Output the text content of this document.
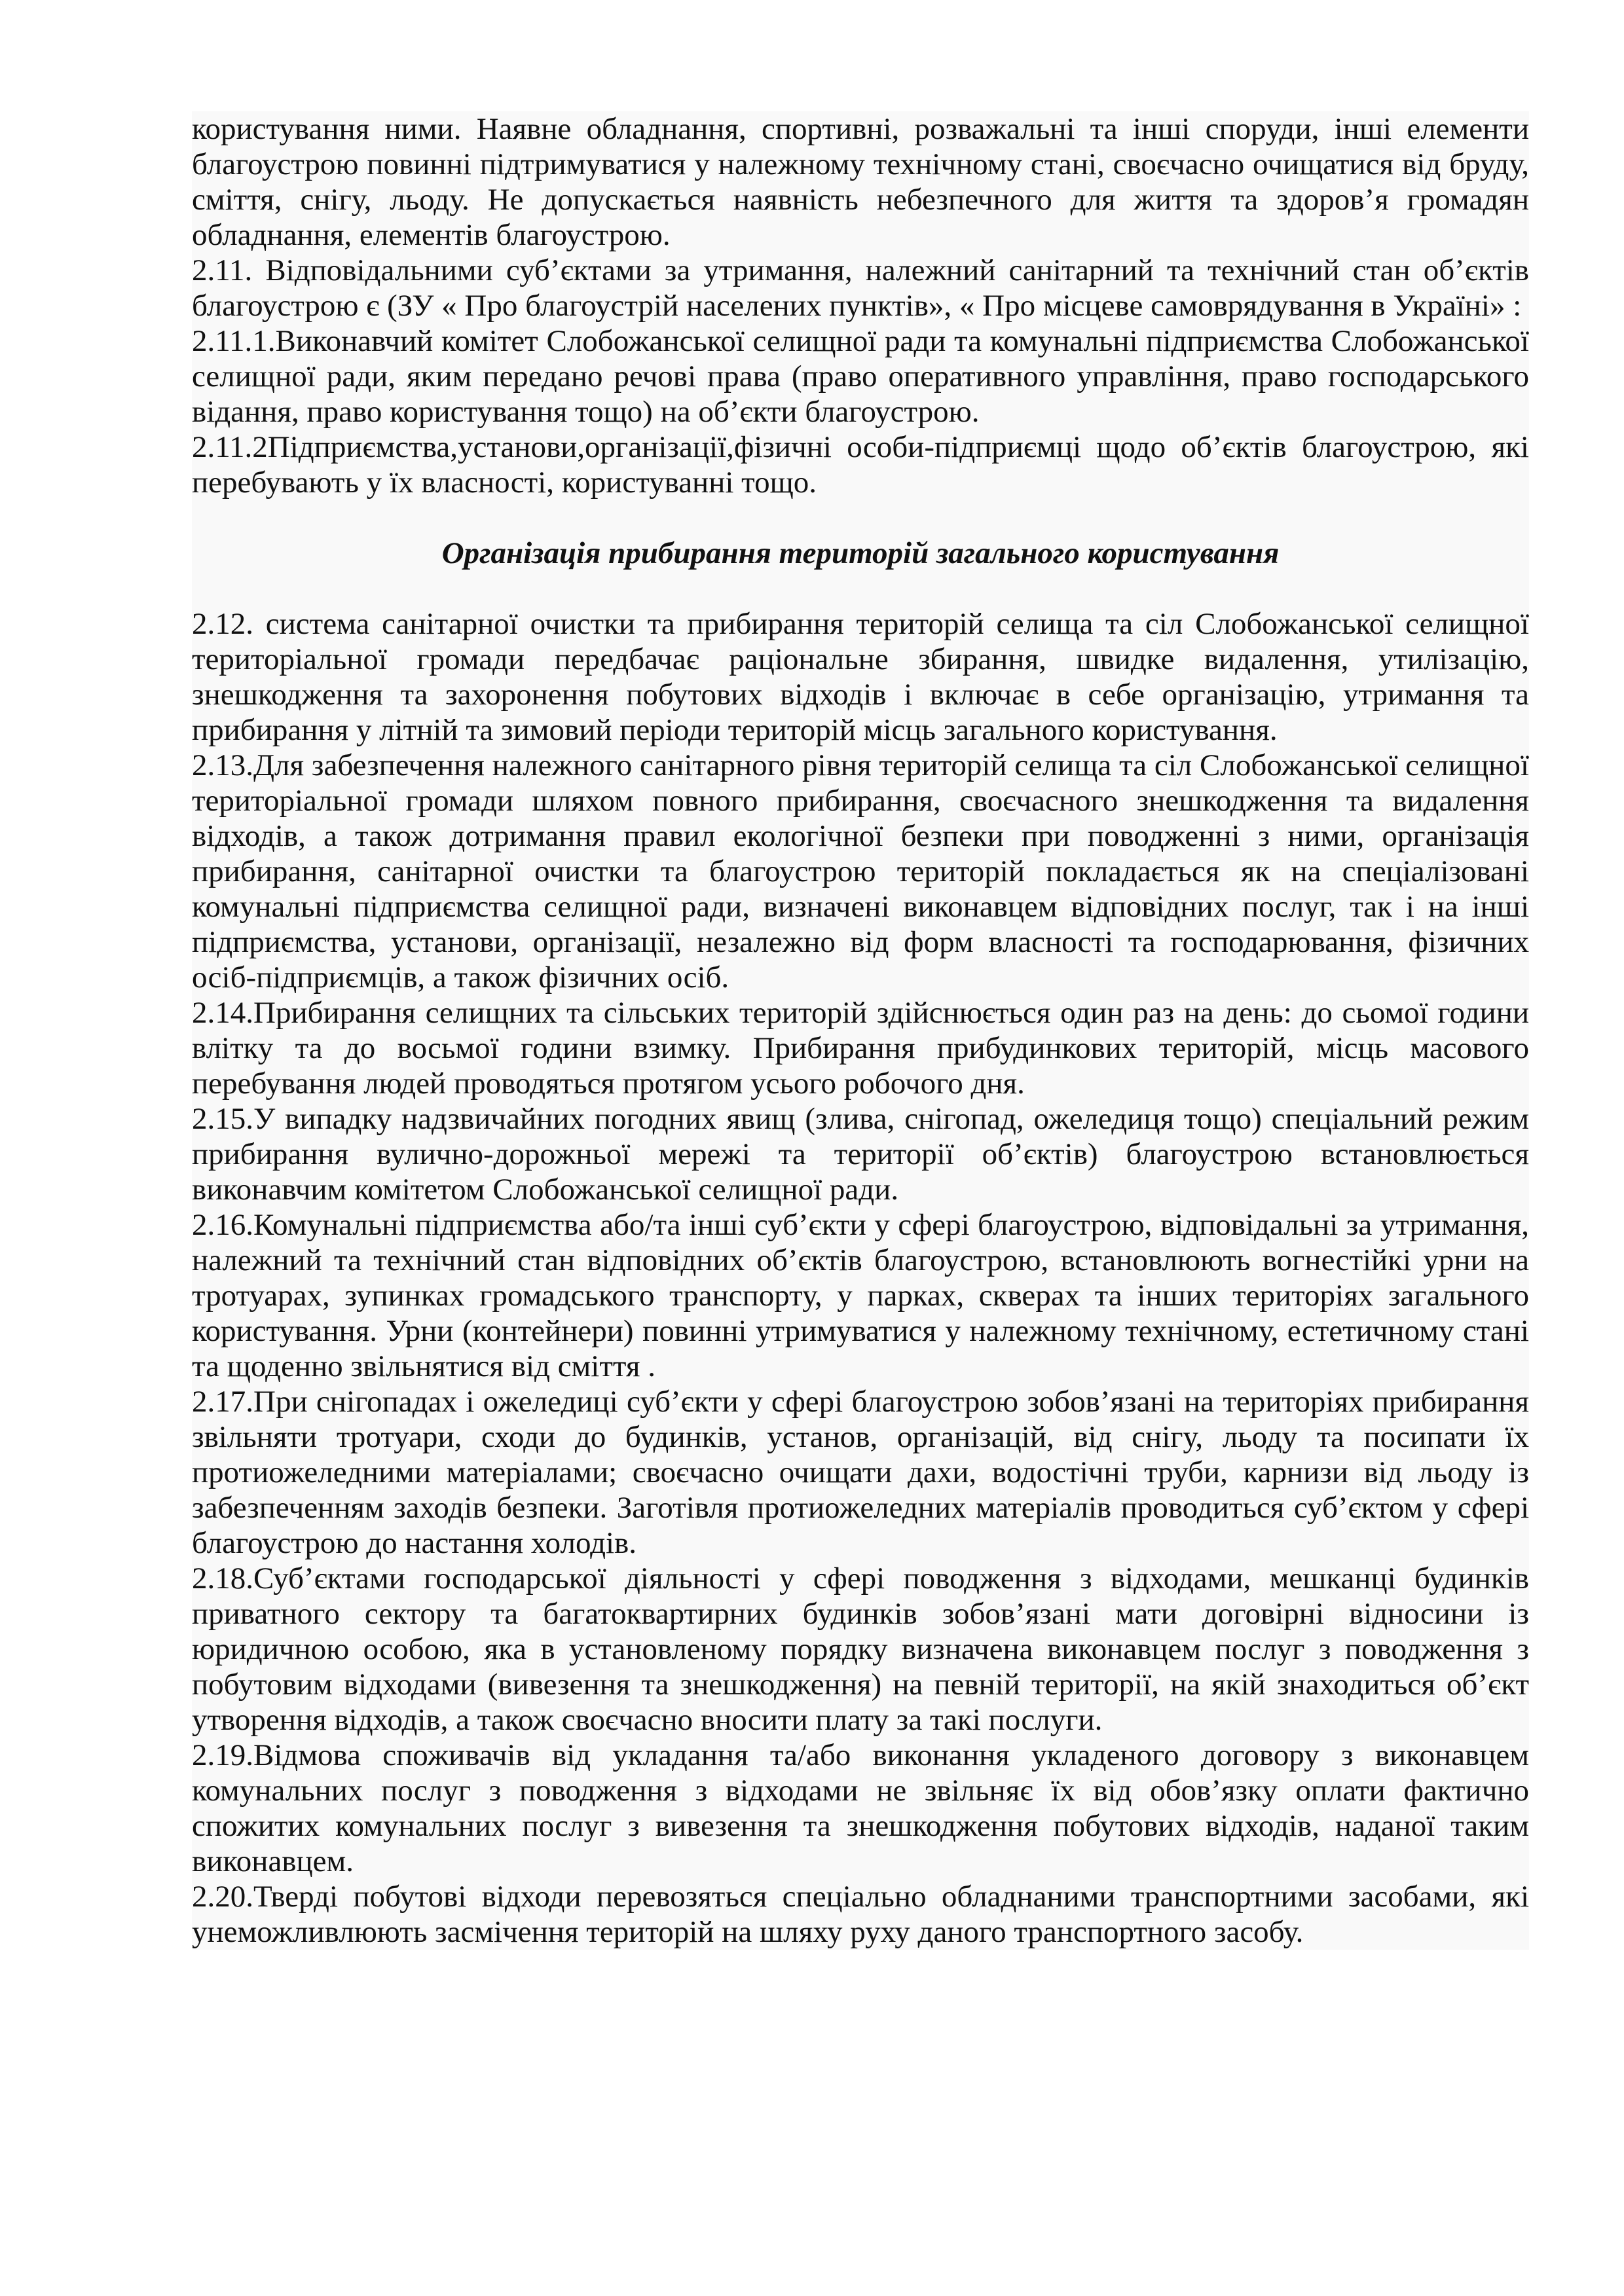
користування ними. Наявне обладнання, спортивні, розважальні та інші споруди, інші елементи благоустрою повинні підтримуватися у належному технічному стані, своєчасно очищатися від бруду, сміття, снігу, льоду. Не допускається наявність небезпечного для життя та здоров’я громадян обладнання, елементів благоустрою.

2.11. Відповідальними суб’єктами за утримання, належний санітарний та технічний стан об’єктів благоустрою є (ЗУ « Про благоустрій населених пунктів», « Про місцеве самоврядування в Україні» :

2.11.1.Виконавчий комітет Слобожанської селищної ради та комунальні підприємства Слобожанської селищної ради, яким передано речові права (право оперативного управління, право господарського відання, право користування тощо) на об’єкти благоустрою.

2.11.2Підприємства,установи,організації,фізичні особи-підприємці щодо об’єктів благоустрою, які перебувають у їх власності, користуванні тощо.

Організація прибирання територій загального користування

2.12. система санітарної очистки та прибирання територій селища та сіл Слобожанської селищної територіальної громади передбачає раціональне збирання, швидке видалення, утилізацію, знешкодження та захоронення побутових відходів і включає в себе організацію, утримання та прибирання у літній та зимовий періоди територій місць загального користування.

2.13.Для забезпечення належного санітарного рівня територій селища та сіл Слобожанської селищної територіальної громади шляхом повного прибирання, своєчасного знешкодження та видалення відходів, а також дотримання правил екологічної безпеки при поводженні з ними, організація прибирання, санітарної очистки та благоустрою територій покладається як на спеціалізовані комунальні підприємства селищної ради, визначені виконавцем відповідних послуг, так і на інші підприємства, установи, організації, незалежно від форм власності та господарювання, фізичних осіб-підприємців, а також фізичних осіб.

2.14.Прибирання селищних та сільських територій здійснюється один раз на день: до сьомої години влітку та до восьмої години взимку. Прибирання прибудинкових територій, місць масового перебування людей проводяться протягом усього робочого дня.

2.15.У випадку надзвичайних погодних явищ (злива, снігопад, ожеледиця тощо) спеціальний режим прибирання вулично-дорожньої мережі та території об’єктів) благоустрою встановлюється виконавчим комітетом Слобожанської селищної ради.

2.16.Комунальні підприємства або/та інші суб’єкти у сфері благоустрою, відповідальні за утримання, належний та технічний стан відповідних об’єктів благоустрою, встановлюють вогнестійкі урни на тротуарах, зупинках громадського транспорту, у парках, скверах та інших територіях загального користування. Урни (контейнери) повинні утримуватися у належному технічному, естетичному стані та щоденно звільнятися від сміття .

2.17.При снігопадах і ожеледиці суб’єкти у сфері благоустрою зобов’язані на територіях прибирання звільняти тротуари, сходи до будинків, установ, організацій, від снігу, льоду та посипати їх протиожеледними матеріалами; своєчасно очищати дахи, водостічні труби, карнизи від льоду із забезпеченням заходів безпеки. Заготівля протиожеледних матеріалів проводиться суб’єктом у сфері благоустрою до настання холодів.

2.18.Суб’єктами господарської діяльності у сфері поводження з відходами, мешканці будинків приватного сектору та багатоквартирних будинків зобов’язані мати договірні відносини із юридичною особою, яка в установленому порядку визначена виконавцем послуг з поводження з побутовим відходами (вивезення та знешкодження) на певній території, на якій знаходиться об’єкт утворення відходів, а також своєчасно вносити плату за такі послуги.

2.19.Відмова споживачів від укладання та/або виконання укладеного договору з виконавцем комунальних послуг з поводження з відходами не звільняє їх від обов’язку оплати фактично спожитих комунальних послуг з вивезення та знешкодження побутових відходів, наданої таким виконавцем.

2.20.Тверді побутові відходи перевозяться спеціально обладнаними транспортними засобами, які унеможливлюють засмічення територій на шляху руху даного транспортного засобу.
